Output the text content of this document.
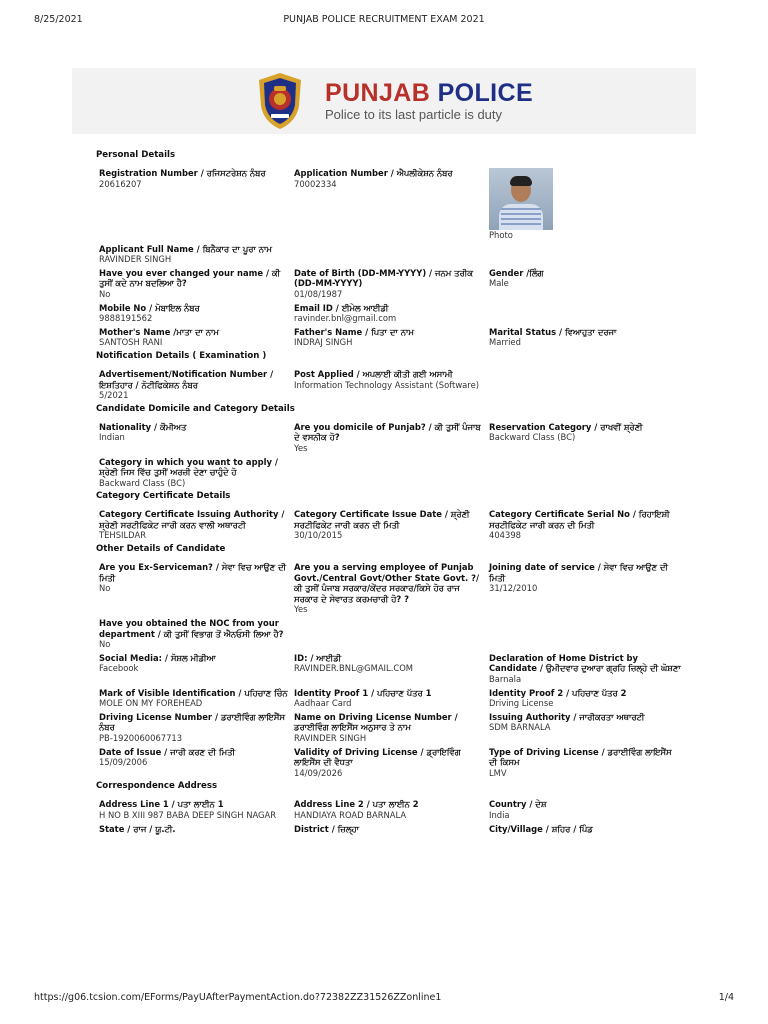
8/25/2021	PUNJAB POLICE RECRUITMENT EXAM 2021
PUNJAB POLICE
Police to its last particle is duty
Personal Details
Registration Number / ਰਜਿਸਟਰੇਸ਼ਨ ਨੰਬਰ
20616207
Application Number / ਐਪਲੀਕੇਸ਼ਨ ਨੰਬਰ
70002334
Photo
Applicant Full Name / ਬਿਨੈਕਾਰ ਦਾ ਪੂਰਾ ਨਾਮ
RAVINDER SINGH
Have you ever changed your name / ਕੀ ਤੁਸੀਂ ਕਦੇ ਨਾਮ ਬਦਲਿਆ ਹੈ?
No
Date of Birth (DD-MM-YYYY) / ਜਨਮ ਤਰੀਕ (DD-MM-YYYY)
01/08/1987
Gender /ਲਿੰਗ
Male
Mobile No / ਮੋਬਾਇਲ ਨੰਬਰ
9888191562
Email ID / ਈਮੇਲ ਆਈਡੀ
ravinder.bnl@gmail.com
Mother's Name /ਮਾਤਾ ਦਾ ਨਾਮ
SANTOSH RANI
Father's Name / ਪਿਤਾ ਦਾ ਨਾਮ
INDRAJ SINGH
Marital Status / ਵਿਆਹੁਤਾ ਦਰਜਾ
Married
Notification Details ( Examination )
Advertisement/Notification Number / ਇਸ਼ਤਿਹਾਰ / ਨੋਟੀਫਿਕੇਸ਼ਨ ਨੰਬਰ
5/2021
Post Applied / ਅਪਲਾਈ ਕੀਤੀ ਗਈ ਅਸਾਮੀ
Information Technology Assistant (Software)
Candidate Domicile and Category Details
Nationality / ਕੌਮੀਅਤ
Indian
Are you domicile of Punjab? / ਕੀ ਤੁਸੀਂ ਪੰਜਾਬ ਦੇ ਵਸਨੀਕ ਹੋ?
Yes
Reservation Category / ਰਾਖਵੀਂ ਸ਼੍ਰੇਣੀ
Backward Class (BC)
Category in which you want to apply / ਸ਼੍ਰੇਣੀ ਜਿਸ ਵਿੱਚ ਤੁਸੀਂ ਅਰਜ਼ੀ ਦੇਣਾ ਚਾਹੁੰਦੇ ਹੋ
Backward Class (BC)
Category Certificate Details
Category Certificate Issuing Authority / ਸ਼੍ਰੇਣੀ ਸਰਟੀਫਿਕੇਟ ਜਾਰੀ ਕਰਨ ਵਾਲੀ ਅਥਾਰਟੀ
TEHSILDAR
Category Certificate Issue Date / ਸ਼੍ਰੇਣੀ ਸਰਟੀਫਿਕੇਟ ਜਾਰੀ ਕਰਨ ਦੀ ਮਿਤੀ
30/10/2015
Category Certificate Serial No / ਰਿਹਾਇਸ਼ੀ ਸਰਟੀਫਿਕੇਟ ਜਾਰੀ ਕਰਨ ਦੀ ਮਿਤੀ
404398
Other Details of Candidate
Are you Ex-Serviceman? / ਸੇਵਾ ਵਿਚ ਆਉਣ ਦੀ ਮਿਤੀ
No
Are you a serving employee of Punjab Govt./Central Govt/Other State Govt. ?/ ਕੀ ਤੁਸੀਂ ਪੰਜਾਬ ਸਰਕਾਰ/ਕੇਂਦਰ ਸਰਕਾਰ/ਕਿਸੇ ਹੋਰ ਰਾਜ ਸਰਕਾਰ ਦੇ ਸੇਵਾਰਤ ਕਰਮਚਾਰੀ ਹੋ? ?
Yes
Joining date of service / ਸੇਵਾ ਵਿਚ ਆਉਣ ਦੀ ਮਿਤੀ
31/12/2010
Have you obtained the NOC from your department / ਕੀ ਤੁਸੀਂ ਵਿਭਾਗ ਤੋਂ ਐਨਓਸੀ ਲਿਆ ਹੈ?
No
Social Media: / ਸੋਸ਼ਲ ਮੀਡੀਆ
Facebook
ID: / ਆਈਡੀ
RAVINDER.BNL@GMAIL.COM
Declaration of Home District by Candidate / ਉਮੀਦਵਾਰ ਦੁਆਰਾ ਗ੍ਰਹਿ ਜ਼ਿਲ੍ਹੇ ਦੀ ਘੋਸ਼ਣਾ
Barnala
Mark of Visible Identification / ਪਹਿਚਾਣ ਚਿੰਨ
MOLE ON MY FOREHEAD
Identity Proof 1 / ਪਹਿਚਾਣ ਪੱਤਰ 1
Aadhaar Card
Identity Proof 2 / ਪਹਿਚਾਣ ਪੱਤਰ 2
Driving License
Driving License Number / ਡਰਾਈਵਿੰਗ ਲਾਇਸੈਂਸ ਨੰਬਰ
PB-1920060067713
Name on Driving License Number / ਡਰਾਈਵਿੰਗ ਲਾਇਸੈਂਸ ਅਨੁਸਾਰ ਤੇ ਨਾਮ
RAVINDER SINGH
Issuing Authority / ਜਾਰੀਕਰਤਾ ਅਥਾਰਟੀ
SDM BARNALA
Date of Issue / ਜਾਰੀ ਕਰਣ ਦੀ ਮਿਤੀ
15/09/2006
Validity of Driving License / ਡ੍ਰਾਇਵਿੰਗ ਲਾਇਸੈਂਸ ਦੀ ਵੈਧਤਾ
14/09/2026
Type of Driving License / ਡਰਾਈਵਿੰਗ ਲਾਇਸੈਂਸ ਦੀ ਕਿਸਮ
LMV
Correspondence Address
Address Line 1 / ਪਤਾ ਲਾਈਨ 1
H NO B XIII 987 BABA DEEP SINGH NAGAR
Address Line 2 / ਪਤਾ ਲਾਈਨ 2
HANDIAYA ROAD BARNALA
Country / ਦੇਸ਼
India
State / ਰਾਜ / ਯੂ.ਟੀ.	District / ਜ਼ਿਲ੍ਹਾ	City/Village / ਸ਼ਹਿਰ / ਪਿੰਡ
https://g06.tcsion.com/EForms/PayUAfterPaymentAction.do?72382ZZ31526ZZonline1	1/4
